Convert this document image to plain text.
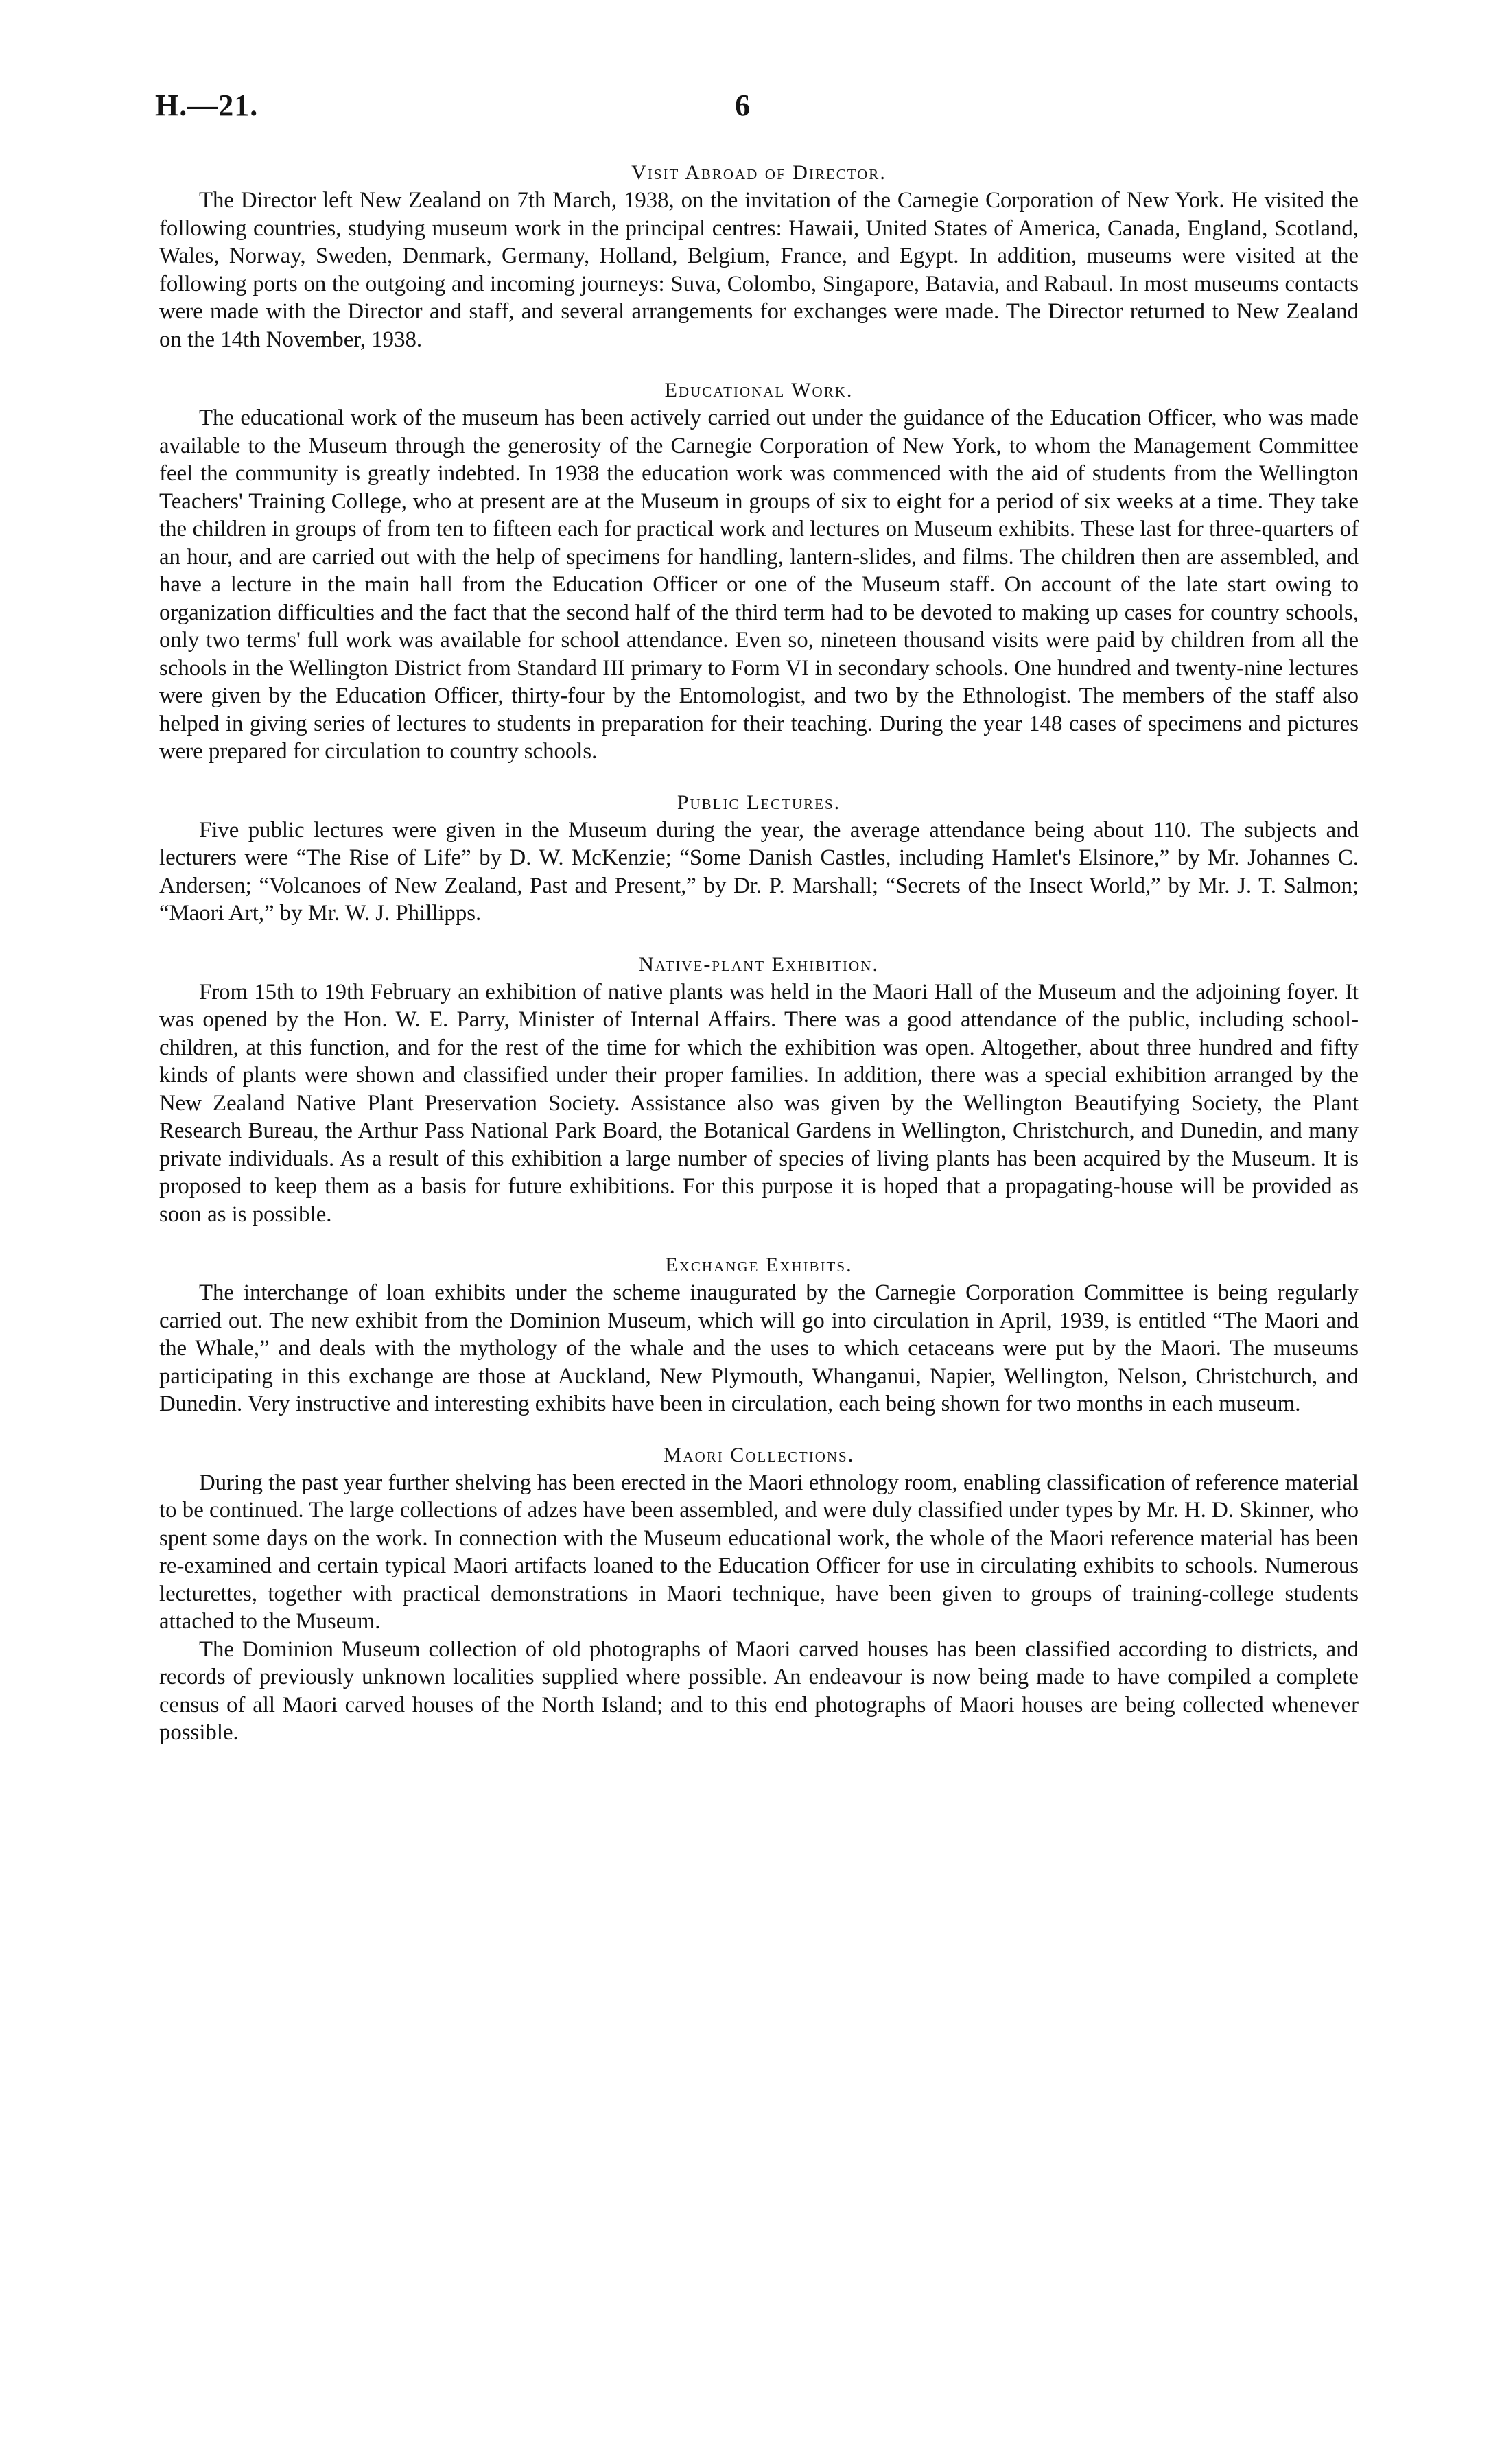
H.—21.	6
Visit Abroad of Director.

The Director left New Zealand on 7th March, 1938, on the invitation of the Carnegie Corporation of New York. He visited the following countries, studying museum work in the principal centres: Hawaii, United States of America, Canada, England, Scotland, Wales, Norway, Sweden, Denmark, Germany, Holland, Belgium, France, and Egypt. In addition, museums were visited at the following ports on the outgoing and incoming journeys: Suva, Colombo, Singapore, Batavia, and Rabaul. In most museums contacts were made with the Director and staff, and several arrangements for exchanges were made. The Director returned to New Zealand on the 14th November, 1938.

Educational Work.

The educational work of the museum has been actively carried out under the guidance of the Education Officer, who was made available to the Museum through the generosity of the Carnegie Corporation of New York, to whom the Management Committee feel the community is greatly indebted. In 1938 the education work was commenced with the aid of students from the Wellington Teachers' Training College, who at present are at the Museum in groups of six to eight for a period of six weeks at a time. They take the children in groups of from ten to fifteen each for practical work and lectures on Museum exhibits. These last for three-quarters of an hour, and are carried out with the help of specimens for handling, lantern-slides, and films. The children then are assembled, and have a lecture in the main hall from the Education Officer or one of the Museum staff. On account of the late start owing to organization difficulties and the fact that the second half of the third term had to be devoted to making up cases for country schools, only two terms' full work was available for school attendance. Even so, nineteen thousand visits were paid by children from all the schools in the Wellington District from Standard III primary to Form VI in secondary schools. One hundred and twenty-nine lectures were given by the Education Officer, thirty-four by the Entomologist, and two by the Ethnologist. The members of the staff also helped in giving series of lectures to students in preparation for their teaching. During the year 148 cases of specimens and pictures were prepared for circulation to country schools.

Public Lectures.

Five public lectures were given in the Museum during the year, the average attendance being about 110. The subjects and lecturers were “The Rise of Life” by D. W. McKenzie; “Some Danish Castles, including Hamlet's Elsinore,” by Mr. Johannes C. Andersen; “Volcanoes of New Zealand, Past and Present,” by Dr. P. Marshall; “Secrets of the Insect World,” by Mr. J. T. Salmon; “Maori Art,” by Mr. W. J. Phillipps.

Native-plant Exhibition.

From 15th to 19th February an exhibition of native plants was held in the Maori Hall of the Museum and the adjoining foyer. It was opened by the Hon. W. E. Parry, Minister of Internal Affairs. There was a good attendance of the public, including school-children, at this function, and for the rest of the time for which the exhibition was open. Altogether, about three hundred and fifty kinds of plants were shown and classified under their proper families. In addition, there was a special exhibition arranged by the New Zealand Native Plant Preservation Society. Assistance also was given by the Wellington Beautifying Society, the Plant Research Bureau, the Arthur Pass National Park Board, the Botanical Gardens in Wellington, Christchurch, and Dunedin, and many private individuals. As a result of this exhibition a large number of species of living plants has been acquired by the Museum. It is proposed to keep them as a basis for future exhibitions. For this purpose it is hoped that a propagating-house will be provided as soon as is possible.

Exchange Exhibits.

The interchange of loan exhibits under the scheme inaugurated by the Carnegie Corporation Committee is being regularly carried out. The new exhibit from the Dominion Museum, which will go into circulation in April, 1939, is entitled “The Maori and the Whale,” and deals with the mythology of the whale and the uses to which cetaceans were put by the Maori. The museums participating in this exchange are those at Auckland, New Plymouth, Whanganui, Napier, Wellington, Nelson, Christchurch, and Dunedin. Very instructive and interesting exhibits have been in circulation, each being shown for two months in each museum.

Maori Collections.

During the past year further shelving has been erected in the Maori ethnology room, enabling classification of reference material to be continued. The large collections of adzes have been assembled, and were duly classified under types by Mr. H. D. Skinner, who spent some days on the work. In connection with the Museum educational work, the whole of the Maori reference material has been re-examined and certain typical Maori artifacts loaned to the Education Officer for use in circulating exhibits to schools. Numerous lecturettes, together with practical demonstrations in Maori technique, have been given to groups of training-college students attached to the Museum.

The Dominion Museum collection of old photographs of Maori carved houses has been classified according to districts, and records of previously unknown localities supplied where possible. An endeavour is now being made to have compiled a complete census of all Maori carved houses of the North Island; and to this end photographs of Maori houses are being collected whenever possible.
